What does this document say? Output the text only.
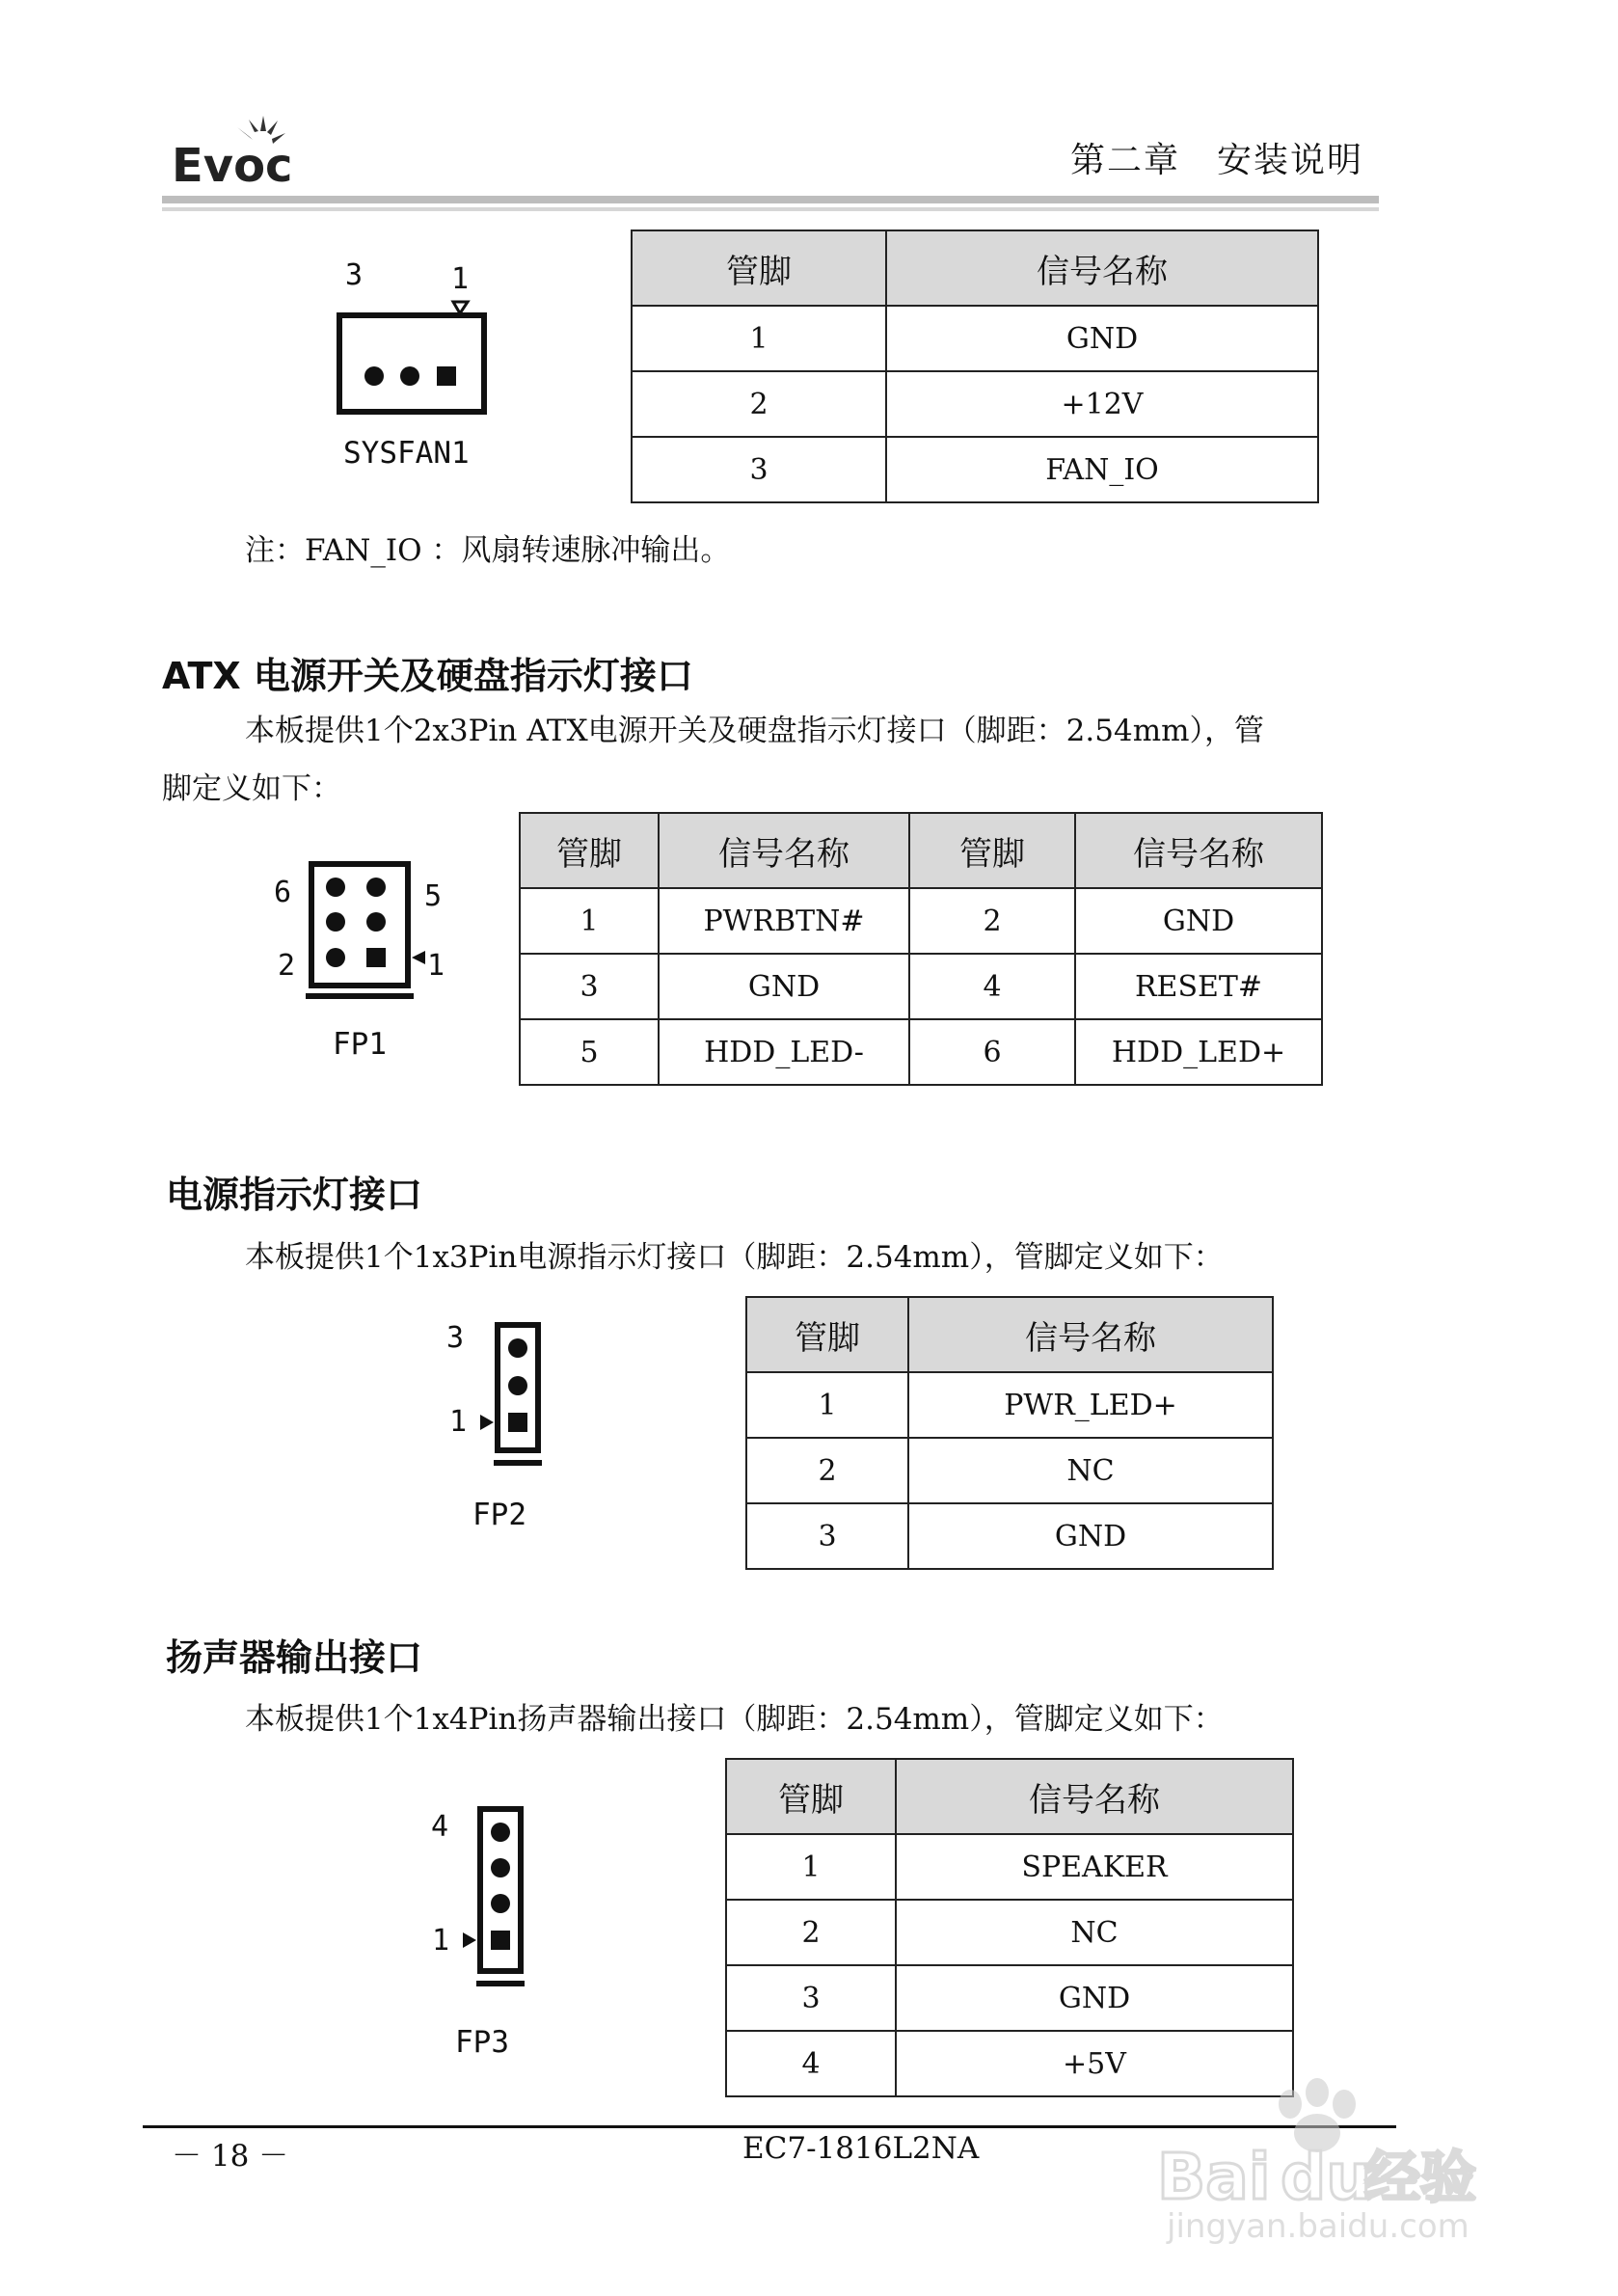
Evoc	第二章　安装说明
3	1
SYSFAN1
管脚	信号名称
1	GND
2	+12V
3	FAN_IO
注：FAN_IO ：风扇转速脉冲输出。
ATX 电源开关及硬盘指示灯接口
本板提供1个2x3Pin ATX电源开关及硬盘指示灯接口（脚距：2.54mm），管
脚定义如下：
6	5
2	1
FP1
管脚	信号名称	管脚	信号名称
1	PWRBTN#	2	GND
3	GND	4	RESET#
5	HDD_LED-	6	HDD_LED+
电源指示灯接口
本板提供1个1x3Pin电源指示灯接口（脚距：2.54mm），管脚定义如下：
3
1
FP2
管脚	信号名称
1	PWR_LED+
2	NC
3	GND
扬声器输出接口
本板提供1个1x4Pin扬声器输出接口（脚距：2.54mm），管脚定义如下：
4
1
FP3
管脚	信号名称
1	SPEAKER
2	NC
3	GND
4	+5V
－ 18 －	EC7-1816L2NA	Bai du
经验
jingyan.baidu.com
